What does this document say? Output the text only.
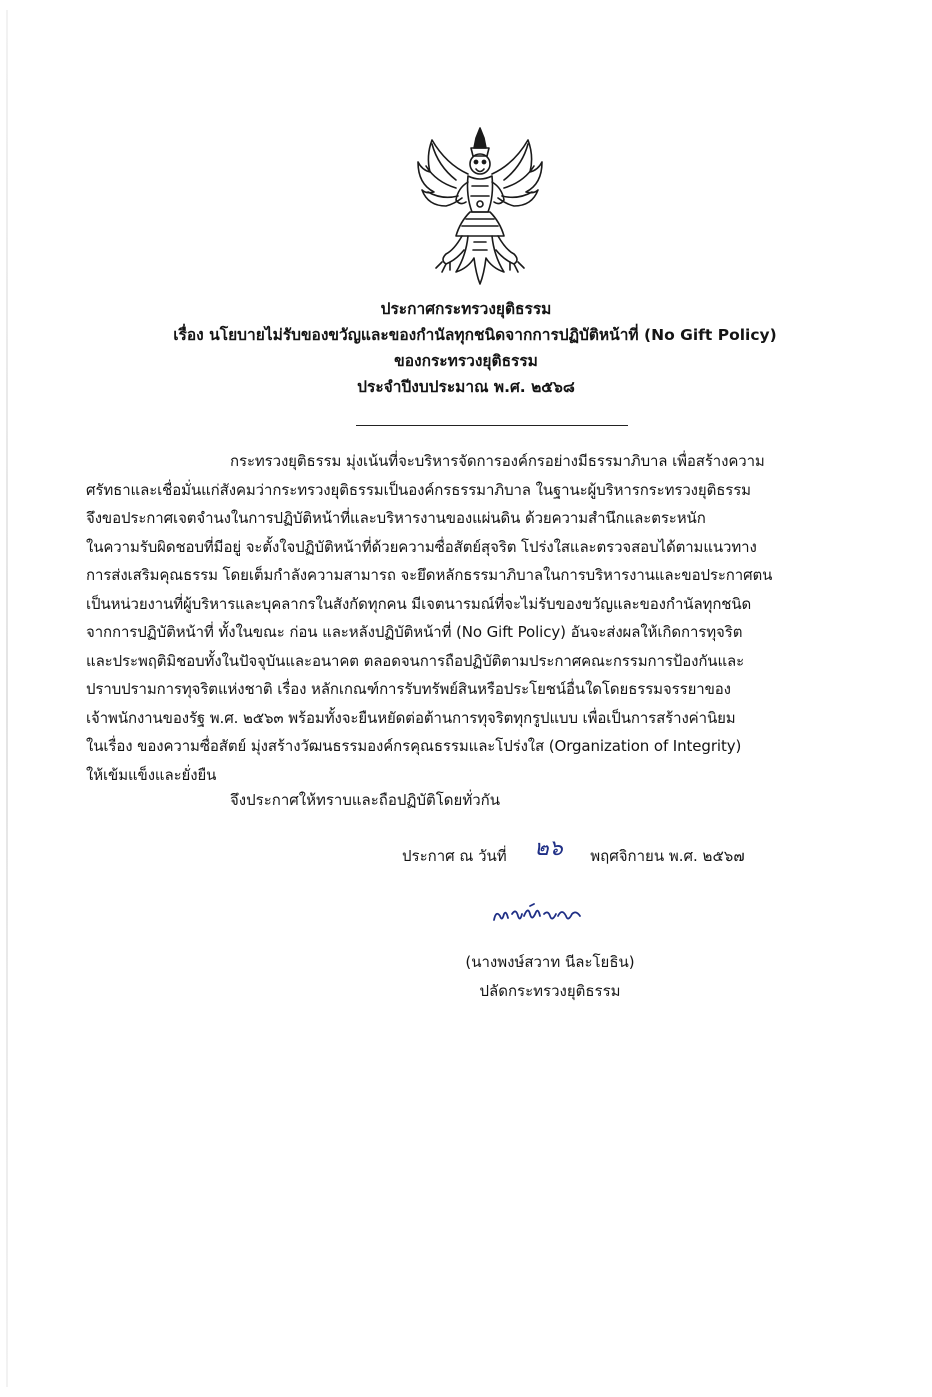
ประกาศกระทรวงยุติธรรม
เรื่อง นโยบายไม่รับของขวัญและของกำนัลทุกชนิดจากการปฏิบัติหน้าที่ (No Gift Policy)
ของกระทรวงยุติธรรม
ประจำปีงบประมาณ พ.ศ. ๒๕๖๘
กระทรวงยุติธรรม มุ่งเน้นที่จะบริหารจัดการองค์กรอย่างมีธรรมาภิบาล เพื่อสร้างความ
ศรัทธาและเชื่อมั่นแก่สังคมว่ากระทรวงยุติธรรมเป็นองค์กรธรรมาภิบาล ในฐานะผู้บริหารกระทรวงยุติธรรม
จึงขอประกาศเจตจำนงในการปฏิบัติหน้าที่และบริหารงานของแผ่นดิน ด้วยความสำนึกและตระหนัก
ในความรับผิดชอบที่มีอยู่ จะตั้งใจปฏิบัติหน้าที่ด้วยความซื่อสัตย์สุจริต โปร่งใสและตรวจสอบได้ตามแนวทาง
การส่งเสริมคุณธรรม โดยเต็มกำลังความสามารถ จะยึดหลักธรรมาภิบาลในการบริหารงานและขอประกาศตน
เป็นหน่วยงานที่ผู้บริหารและบุคลากรในสังกัดทุกคน มีเจตนารมณ์ที่จะไม่รับของขวัญและของกำนัลทุกชนิด
จากการปฏิบัติหน้าที่ ทั้งในขณะ ก่อน และหลังปฏิบัติหน้าที่ (No Gift Policy) อันจะส่งผลให้เกิดการทุจริต
และประพฤติมิชอบทั้งในปัจจุบันและอนาคต ตลอดจนการถือปฏิบัติตามประกาศคณะกรรมการป้องกันและ
ปราบปรามการทุจริตแห่งชาติ เรื่อง หลักเกณฑ์การรับทรัพย์สินหรือประโยชน์อื่นใดโดยธรรมจรรยาของ
เจ้าพนักงานของรัฐ พ.ศ. ๒๕๖๓ พร้อมทั้งจะยืนหยัดต่อต้านการทุจริตทุกรูปแบบ เพื่อเป็นการสร้างค่านิยม
ในเรื่อง ของความซื่อสัตย์ มุ่งสร้างวัฒนธรรมองค์กรคุณธรรมและโปร่งใส (Organization of Integrity)
ให้เข้มแข็งและยั่งยืน
จึงประกาศให้ทราบและถือปฏิบัติโดยทั่วกัน
ประกาศ ณ วันที่ ๒๖ พฤศจิกายน พ.ศ. ๒๕๖๗
(นางพงษ์สวาท นีละโยธิน)
ปลัดกระทรวงยุติธรรม
